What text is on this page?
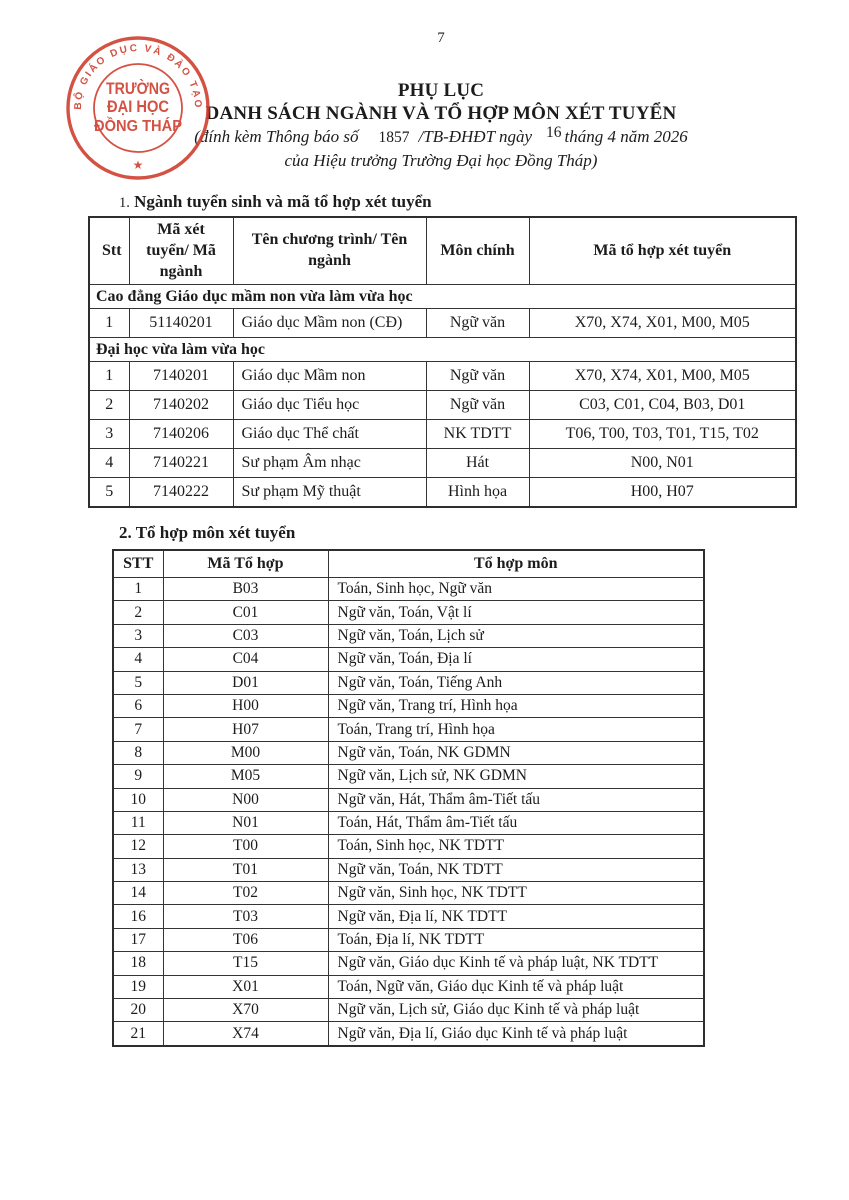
7
BỘ GIÁO DỤC VÀ ĐÀO TẠO
TRƯỜNG
ĐẠI HỌC
ĐỒNG THÁP
★
PHỤ LỤC
DANH SÁCH NGÀNH VÀ TỔ HỢP MÔN XÉT TUYỂN
(đính kèm Thông báo số 1857 /TB-ĐHĐT ngày 16 tháng 4 năm 2026
của Hiệu trưởng Trường Đại học Đồng Tháp)
1. Ngành tuyển sinh và mã tổ hợp xét tuyển
Stt	Mã xét tuyển/ Mã ngành	Tên chương trình/ Tên ngành	Môn chính	Mã tổ hợp xét tuyển
Cao đẳng Giáo dục mầm non vừa làm vừa học				
1	51140201	Giáo dục Mầm non (CĐ)	Ngữ văn	X70, X74, X01, M00, M05
Đại học vừa làm vừa học				
1	7140201	Giáo dục Mầm non	Ngữ văn	X70, X74, X01, M00, M05
2	7140202	Giáo dục Tiểu học	Ngữ văn	C03, C01, C04, B03, D01
3	7140206	Giáo dục Thể chất	NK TDTT	T06, T00, T03, T01, T15, T02
4	7140221	Sư phạm Âm nhạc	Hát	N00, N01
5	7140222	Sư phạm Mỹ thuật	Hình họa	H00, H07
2. Tổ hợp môn xét tuyển
STT	Mã Tổ hợp	Tổ hợp môn
1	B03	Toán, Sinh học, Ngữ văn
2	C01	Ngữ văn, Toán, Vật lí
3	C03	Ngữ văn, Toán, Lịch sử
4	C04	Ngữ văn, Toán, Địa lí
5	D01	Ngữ văn, Toán, Tiếng Anh
6	H00	Ngữ văn, Trang trí, Hình họa
7	H07	Toán, Trang trí, Hình họa
8	M00	Ngữ văn, Toán, NK GDMN
9	M05	Ngữ văn, Lịch sử, NK GDMN
10	N00	Ngữ văn, Hát, Thẩm âm-Tiết tấu
11	N01	Toán, Hát, Thẩm âm-Tiết tấu
12	T00	Toán, Sinh học, NK TDTT
13	T01	Ngữ văn, Toán, NK TDTT
14	T02	Ngữ văn, Sinh học, NK TDTT
16	T03	Ngữ văn, Địa lí, NK TDTT
17	T06	Toán, Địa lí, NK TDTT
18	T15	Ngữ văn, Giáo dục Kinh tế và pháp luật, NK TDTT
19	X01	Toán, Ngữ văn, Giáo dục Kinh tế và pháp luật
20	X70	Ngữ văn, Lịch sử, Giáo dục Kinh tế và pháp luật
21	X74	Ngữ văn, Địa lí, Giáo dục Kinh tế và pháp luật
